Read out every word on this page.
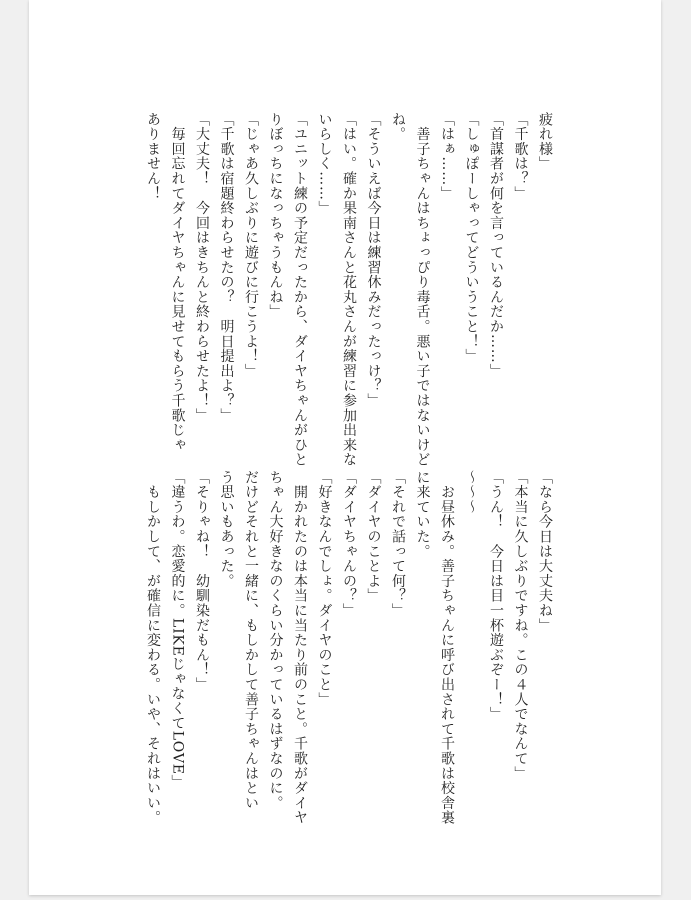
疲れ様」
「千歌は？」
「首謀者が何を言っているんだか……」
「しゅぽーしゃってどういうこと！」
「はぁ……」
　善子ちゃんはちょっぴり毒舌。悪い子ではないけど
ね。
「そういえば今日は練習休みだったっけ？」
「はい。確か果南さんと花丸さんが練習に参加出来な
いらしく……」
「ユニット練の予定だったから、ダイヤちゃんがひと
りぼっちになっちゃうもんね」
「じゃあ久しぶりに遊びに行こうよ！」
「千歌は宿題終わらせたの？　明日提出よ？」
「大丈夫！　今回はきちんと終わらせたよ！」
　毎回忘れてダイヤちゃんに見せてもらう千歌じゃ
ありません！
「なら今日は大丈夫ね」
「本当に久しぶりですね。この４人でなんて」
「うん！　今日は目一杯遊ぶぞー！」
〜〜〜
　お昼休み。善子ちゃんに呼び出されて千歌は校舎裏
に来ていた。
「それで話って何？」
「ダイヤのことよ」
「ダイヤちゃんの？」
「好きなんでしょ。ダイヤのこと」
　開かれたのは本当に当たり前のこと。千歌がダイヤ
ちゃん大好きなのくらい分かっているはずなのに。
だけどそれと一緒に、もしかして善子ちゃんはとい
う思いもあった。
「そりゃね！　幼馴染だもん！」
「違うわ。恋愛的に。LIKEじゃなくてLOVE」
　もしかして、が確信に変わる。いや、それはいい。
